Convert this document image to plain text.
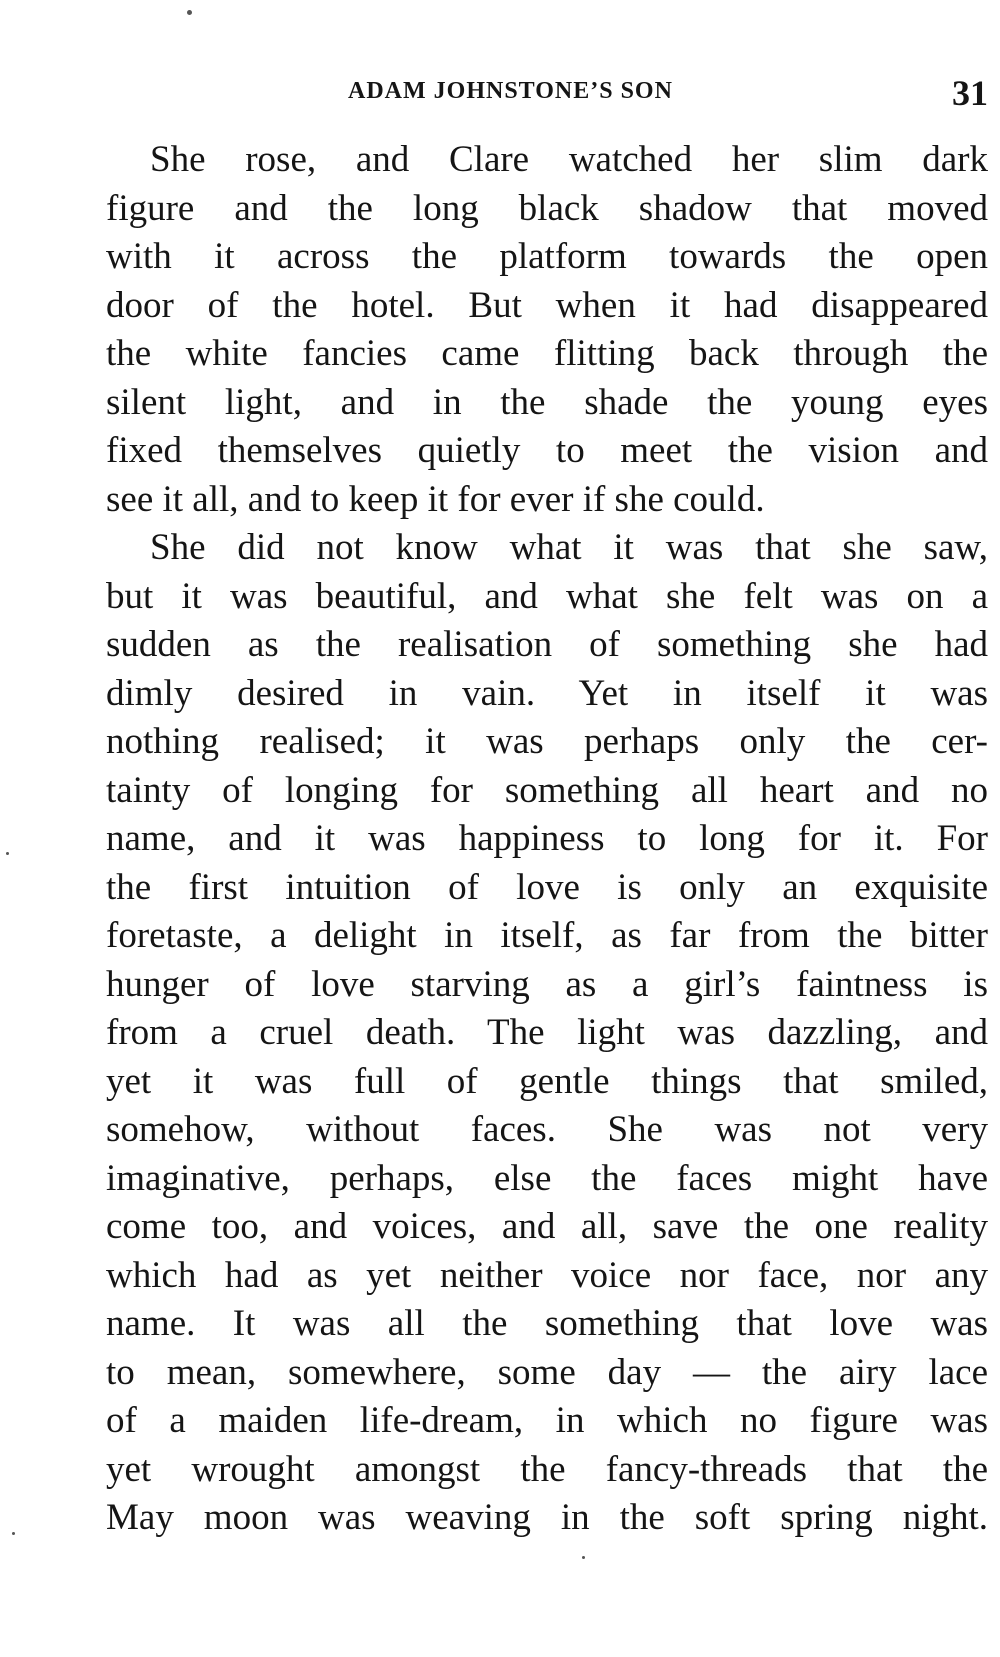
ADAM JOHNSTONE’S SON	31
She rose, and Clare watched her slim dark
figure and the long black shadow that moved
with it across the platform towards the open
door of the hotel. But when it had disappeared
the white fancies came flitting back through the
silent light, and in the shade the young eyes
fixed themselves quietly to meet the vision and
see it all, and to keep it for ever if she could.
She did not know what it was that she saw,
but it was beautiful, and what she felt was on a
sudden as the realisation of something she had
dimly desired in vain. Yet in itself it was
nothing realised; it was perhaps only the cer-
tainty of longing for something all heart and no
name, and it was happiness to long for it. For
the first intuition of love is only an exquisite
foretaste, a delight in itself, as far from the bitter
hunger of love starving as a girl’s faintness is
from a cruel death. The light was dazzling, and
yet it was full of gentle things that smiled,
somehow, without faces. She was not very
imaginative, perhaps, else the faces might have
come too, and voices, and all, save the one reality
which had as yet neither voice nor face, nor any
name. It was all the something that love was
to mean, somewhere, some day — the airy lace
of a maiden life-dream, in which no figure was
yet wrought amongst the fancy-threads that the
May moon was weaving in the soft spring night.
